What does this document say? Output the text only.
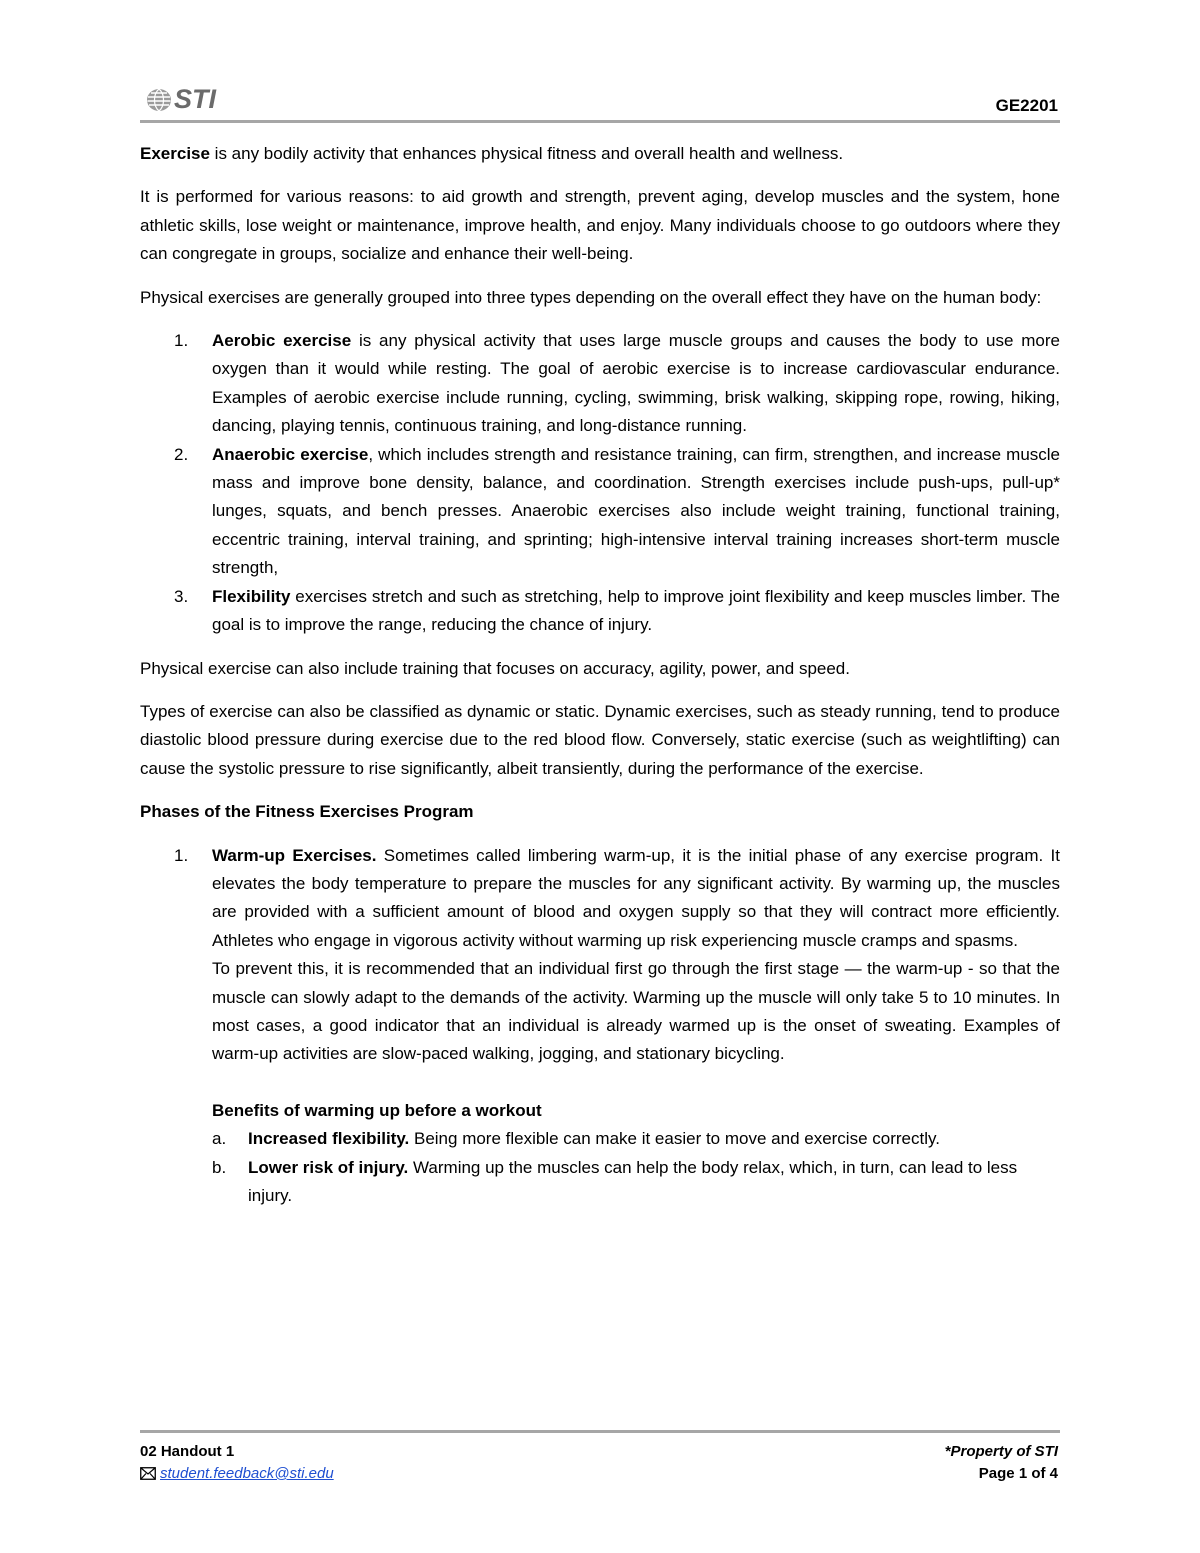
STI	GE2201

Exercise is any bodily activity that enhances physical fitness and overall health and wellness.

It is performed for various reasons: to aid growth and strength, prevent aging, develop muscles and the system, hone athletic skills, lose weight or maintenance, improve health, and enjoy. Many individuals choose to go outdoors where they can congregate in groups, socialize and enhance their well-being.

Physical exercises are generally grouped into three types depending on the overall effect they have on the human body:

1. Aerobic exercise is any physical activity that uses large muscle groups and causes the body to use more oxygen than it would while resting. The goal of aerobic exercise is to increase cardiovascular endurance. Examples of aerobic exercise include running, cycling, swimming, brisk walking, skipping rope, rowing, hiking, dancing, playing tennis, continuous training, and long-distance running.
2. Anaerobic exercise, which includes strength and resistance training, can firm, strengthen, and increase muscle mass and improve bone density, balance, and coordination. Strength exercises include push-ups, pull-up* lunges, squats, and bench presses. Anaerobic exercises also include weight training, functional training, eccentric training, interval training, and sprinting; high-intensive interval training increases short-term muscle strength,
3. Flexibility exercises stretch and such as stretching, help to improve joint flexibility and keep muscles limber. The goal is to improve the range, reducing the chance of injury.

Physical exercise can also include training that focuses on accuracy, agility, power, and speed.

Types of exercise can also be classified as dynamic or static. Dynamic exercises, such as steady running, tend to produce diastolic blood pressure during exercise due to the red blood flow. Conversely, static exercise (such as weightlifting) can cause the systolic pressure to rise significantly, albeit transiently, during the performance of the exercise.

Phases of the Fitness Exercises Program

1. Warm-up Exercises. Sometimes called limbering warm-up, it is the initial phase of any exercise program. It elevates the body temperature to prepare the muscles for any significant activity. By warming up, the muscles are provided with a sufficient amount of blood and oxygen supply so that they will contract more efficiently. Athletes who engage in vigorous activity without warming up risk experiencing muscle cramps and spasms.
To prevent this, it is recommended that an individual first go through the first stage — the warm-up - so that the muscle can slowly adapt to the demands of the activity. Warming up the muscle will only take 5 to 10 minutes. In most cases, a good indicator that an individual is already warmed up is the onset of sweating. Examples of warm-up activities are slow-paced walking, jogging, and stationary bicycling.
Benefits of warming up before a workout
a. Increased flexibility. Being more flexible can make it easier to move and exercise correctly.
b. Lower risk of injury. Warming up the muscles can help the body relax, which, in turn, can lead to less injury.
02 Handout 1
student.feedback@sti.edu
*Property of STI
Page 1 of 4
